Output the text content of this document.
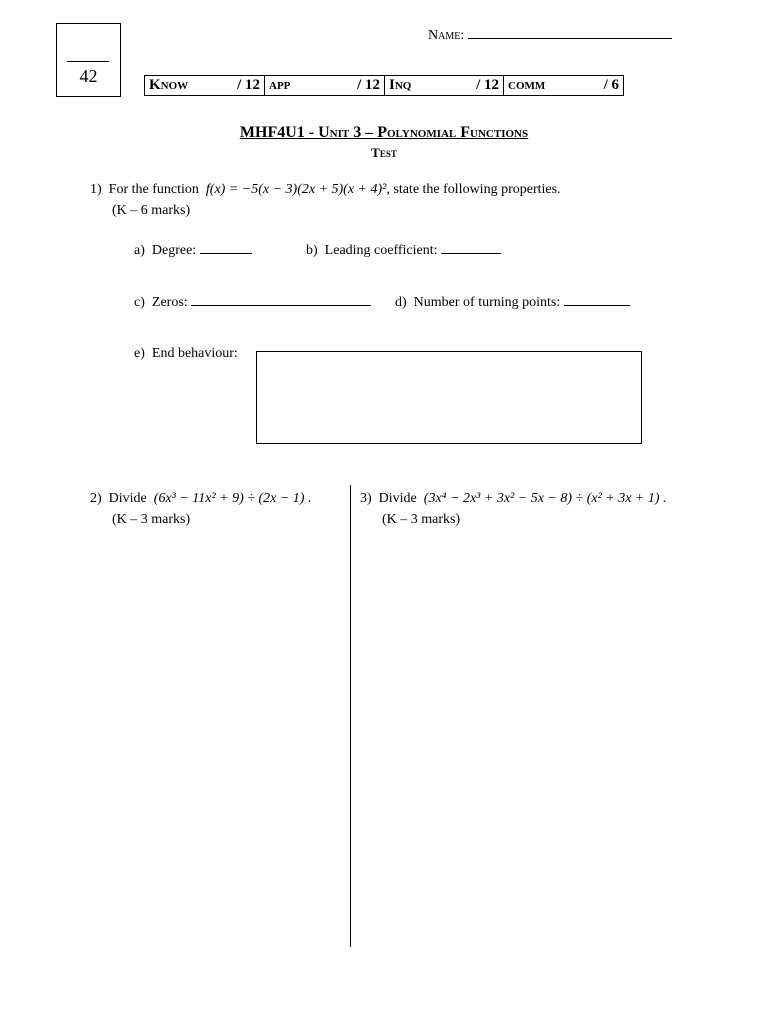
42
Name:
Know	/ 12	app	/ 12	Inq	/ 12	comm	/ 6
MHF4U1 - Unit 3 – Polynomial Functions
Test
1) For the function f(x) = −5(x − 3)(2x + 5)(x + 4)², state the following properties.
(K – 6 marks)
a) Degree:	b) Leading coefficient:
c) Zeros:	d) Number of turning points:
e) End behaviour:
2) Divide (6x³ − 11x² + 9) ÷ (2x − 1) .
(K – 3 marks)
3) Divide (3x⁴ − 2x³ + 3x² − 5x − 8) ÷ (x² + 3x + 1) .
(K – 3 marks)
